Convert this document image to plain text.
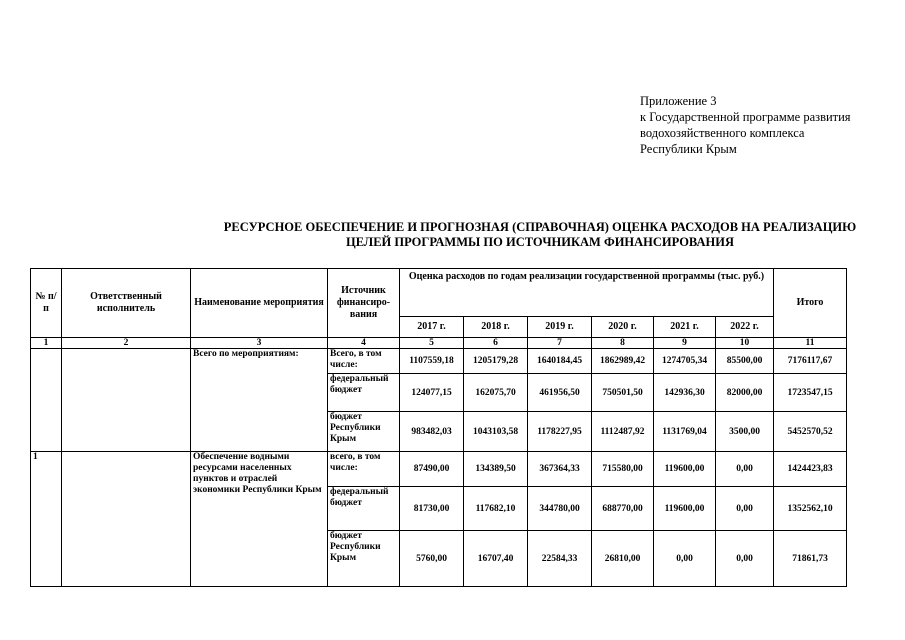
Приложение 3
к Государственной программе развития
водохозяйственного комплекса
Республики Крым
РЕСУРСНОЕ ОБЕСПЕЧЕНИЕ И ПРОГНОЗНАЯ (СПРАВОЧНАЯ) ОЦЕНКА РАСХОДОВ НА РЕАЛИЗАЦИЮ
ЦЕЛЕЙ ПРОГРАММЫ ПО ИСТОЧНИКАМ ФИНАНСИРОВАНИЯ
№ п/п	Ответственный исполнитель	Наименование мероприятия	Источник финансиро-вания	Оценка расходов по годам реализации государственной программы (тыс. руб.)						Итого
				2017 г.	2018 г.	2019 г.	2020 г.	2021 г.	2022 г.	
1	2	3	4	5	6	7	8	9	10	11
		Всего по мероприятиям:	Всего, в том числе:	1107559,18	1205179,28	1640184,45	1862989,42	1274705,34	85500,00	7176117,67
			федеральный бюджет	124077,15	162075,70	461956,50	750501,50	142936,30	82000,00	1723547,15
			бюджет Республики Крым	983482,03	1043103,58	1178227,95	1112487,92	1131769,04	3500,00	5452570,52
1		Обеспечение водными ресурсами населенных пунктов и отраслей экономики Республики Крым	всего, в том числе:	87490,00	134389,50	367364,33	715580,00	119600,00	0,00	1424423,83
			федеральный бюджет	81730,00	117682,10	344780,00	688770,00	119600,00	0,00	1352562,10
			бюджет Республики Крым	5760,00	16707,40	22584,33	26810,00	0,00	0,00	71861,73
